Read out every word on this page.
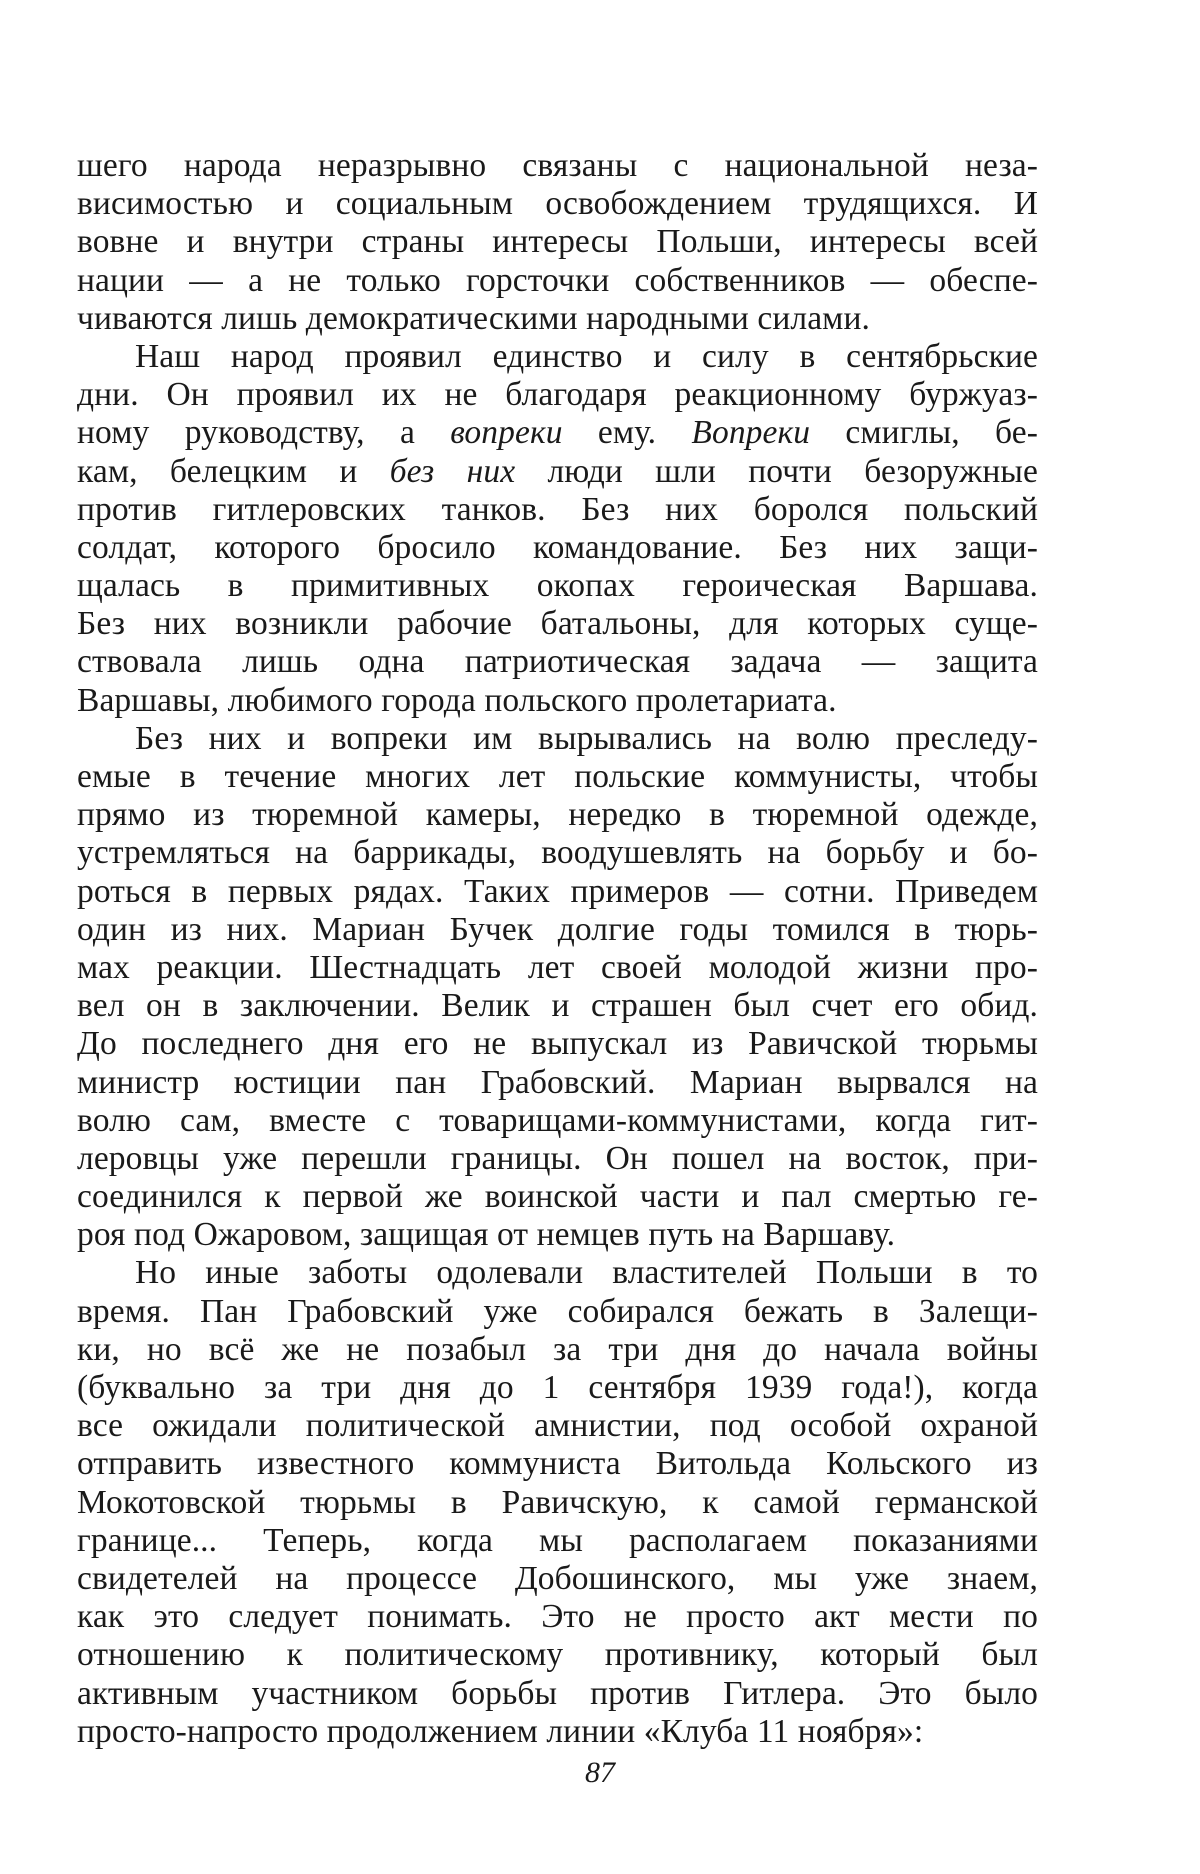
шего народа неразрывно связаны с национальной неза-
висимостью и социальным освобождением трудящихся. И
вовне и внутри страны интересы Польши, интересы всей
нации — а не только горсточки собственников — обеспе-
чиваются лишь демократическими народными силами.
Наш народ проявил единство и силу в сентябрьские
дни. Он проявил их не благодаря реакционному буржуаз-
ному руководству, а вопреки ему. Вопреки смиглы, бе-
кам, белецким и без них люди шли почти безоружные
против гитлеровских танков. Без них боролся польский
солдат, которого бросило командование. Без них защи-
щалась в примитивных окопах героическая Варшава.
Без них возникли рабочие батальоны, для которых суще-
ствовала лишь одна патриотическая задача — защита
Варшавы, любимого города польского пролетариата.
Без них и вопреки им вырывались на волю преследу-
емые в течение многих лет польские коммунисты, чтобы
прямо из тюремной камеры, нередко в тюремной одежде,
устремляться на баррикады, воодушевлять на борьбу и бо-
роться в первых рядах. Таких примеров — сотни. Приведем
один из них. Мариан Бучек долгие годы томился в тюрь-
мах реакции. Шестнадцать лет своей молодой жизни про-
вел он в заключении. Велик и страшен был счет его обид.
До последнего дня его не выпускал из Равичской тюрьмы
министр юстиции пан Грабовский. Мариан вырвался на
волю сам, вместе с товарищами-коммунистами, когда гит-
леровцы уже перешли границы. Он пошел на восток, при-
соединился к первой же воинской части и пал смертью ге-
роя под Ожаровом, защищая от немцев путь на Варшаву.
Но иные заботы одолевали властителей Польши в то
время. Пан Грабовский уже собирался бежать в Залещи-
ки, но всё же не позабыл за три дня до начала войны
(буквально за три дня до 1 сентября 1939 года!), когда
все ожидали политической амнистии, под особой охраной
отправить известного коммуниста Витольда Кольского из
Мокотовской тюрьмы в Равичскую, к самой германской
границе... Теперь, когда мы располагаем показаниями
свидетелей на процессе Добошинского, мы уже знаем,
как это следует понимать. Это не просто акт мести по
отношению к политическому противнику, который был
активным участником борьбы против Гитлера. Это было
просто-напросто продолжением линии «Клуба 11 ноября»:
87
